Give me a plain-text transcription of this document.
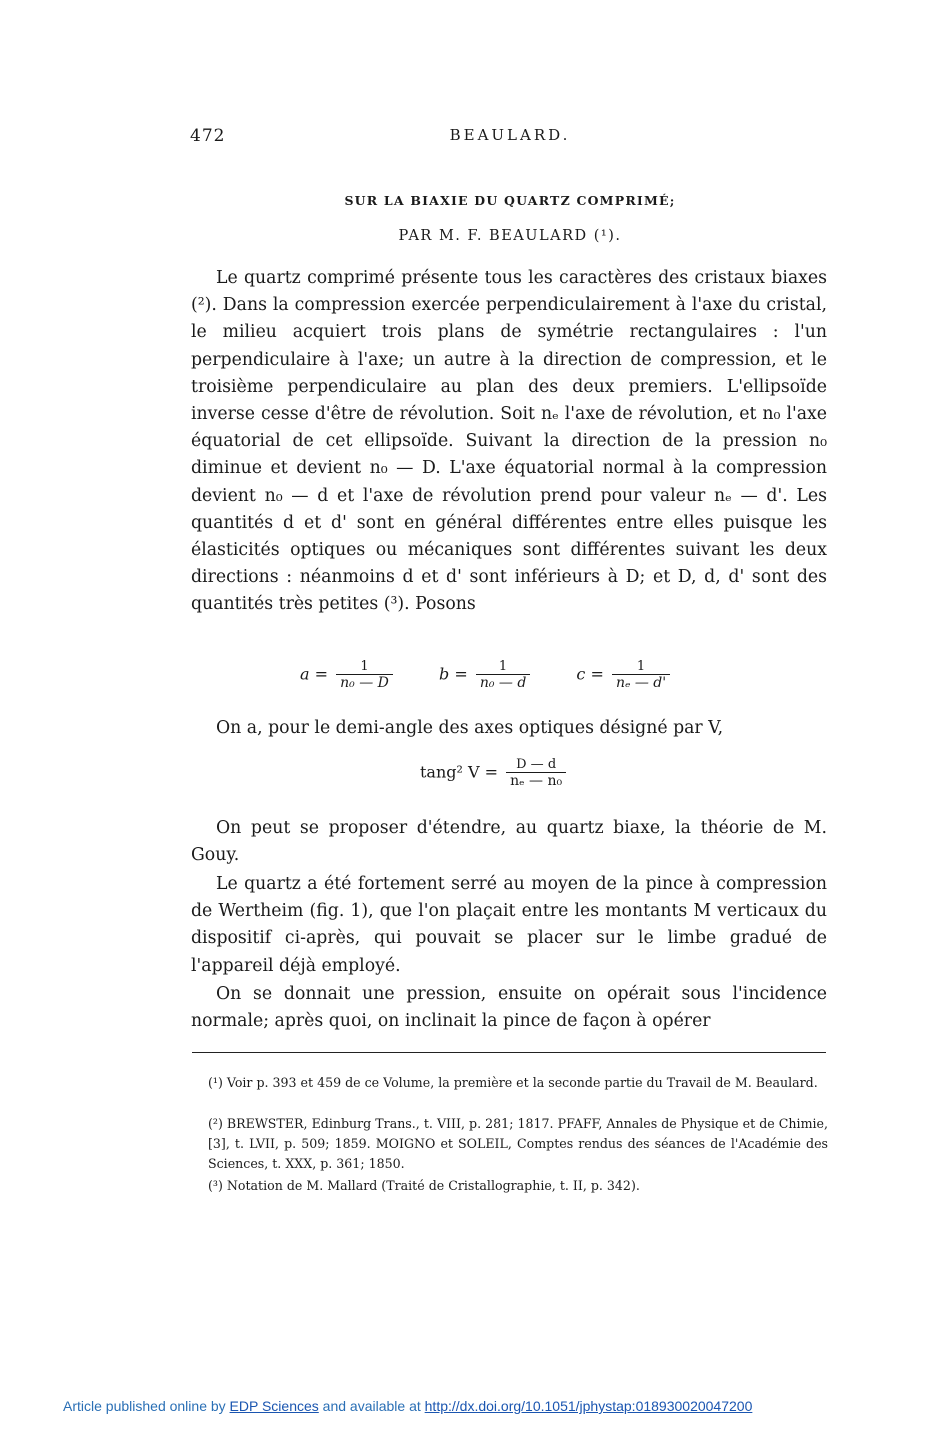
472	BEAULARD.
SUR LA BIAXIE DU QUARTZ COMPRIMÉ;
PAR M. F. BEAULARD (¹).

Le quartz comprimé présente tous les caractères des cristaux biaxes (²). Dans la compression exercée perpendiculairement à l'axe du cristal, le milieu acquiert trois plans de symétrie rectangulaires : l'un perpendiculaire à l'axe; un autre à la direction de compression, et le troisième perpendiculaire au plan des deux premiers. L'ellipsoïde inverse cesse d'être de révolution. Soit nₑ l'axe de révolution, et n₀ l'axe équatorial de cet ellipsoïde. Suivant la direction de la pression n₀ diminue et devient n₀ — D. L'axe équatorial normal à la compression devient n₀ — d et l'axe de révolution prend pour valeur nₑ — d'. Les quantités d et d' sont en général différentes entre elles puisque les élasticités optiques ou mécaniques sont différentes suivant les deux directions : néanmoins d et d' sont inférieurs à D; et D, d, d' sont des quantités très petites (³). Posons

$a = \frac{1}{\text{n₀ — D}}$	$b = \frac{1}{\text{n₀ — d}}$	$c = \frac{1}{\text{nₑ — d'}}$

On a, pour le demi-angle des axes optiques désigné par V,

tang² $V = \frac{D — d}{\text{nₑ — n₀}}$

On peut se proposer d'étendre, au quartz biaxe, la théorie de M. Gouy.

Le quartz a été fortement serré au moyen de la pince à compression de Wertheim (fig. 1), que l'on plaçait entre les montants M verticaux du dispositif ci-après, qui pouvait se placer sur le limbe gradué de l'appareil déjà employé.

On se donnait une pression, ensuite on opérait sous l'incidence normale; après quoi, on inclinait la pince de façon à opérer

(¹) Voir p. 393 et 459 de ce Volume, la première et la seconde partie du Travail de M. Beaulard.

(²) BREWSTER, Edinburg Trans., t. VIII, p. 281; 1817. PFAFF, Annales de Physique et de Chimie, [3], t. LVII, p. 509; 1859. MOIGNO et SOLEIL, Comptes rendus des séances de l'Académie des Sciences, t. XXX, p. 361; 1850.

(³) Notation de M. Mallard (Traité de Cristallographie, t. II, p. 342).

Article published online by EDP Sciences and available at http://dx.doi.org/10.1051/jphystap:018930020047200
